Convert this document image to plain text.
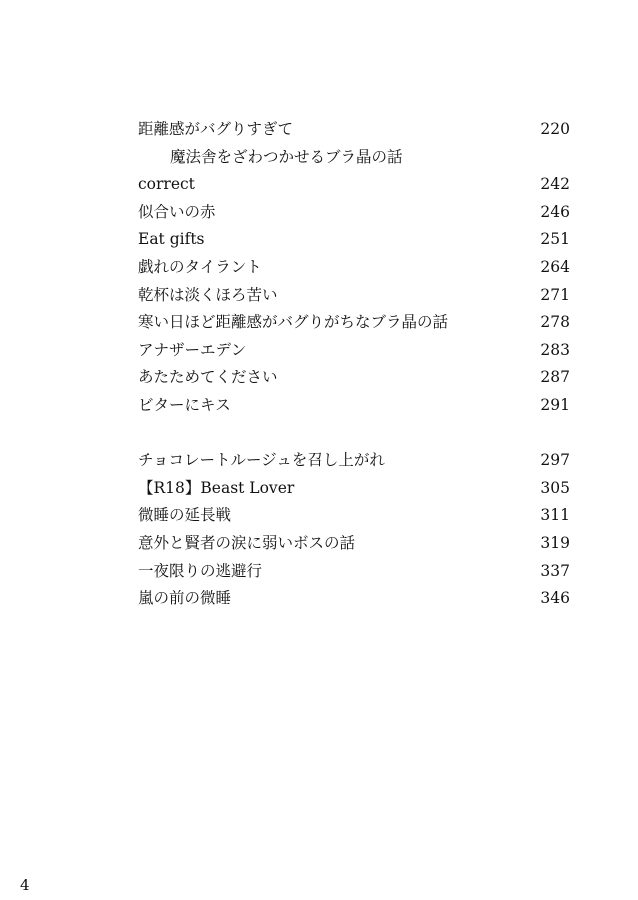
距離感がバグりすぎて	220
魔法舎をざわつかせるブラ晶の話
correct	242
似合いの赤	246
Eat gifts	251
戯れのタイラント	264
乾杯は淡くほろ苦い	271
寒い日ほど距離感がバグりがちなブラ晶の話	278
アナザーエデン	283
あたためてください	287
ビターにキス	291
チョコレートルージュを召し上がれ	297
【R18】Beast Lover	305
微睡の延長戦	311
意外と賢者の涙に弱いボスの話	319
一夜限りの逃避行	337
嵐の前の微睡	346
4
